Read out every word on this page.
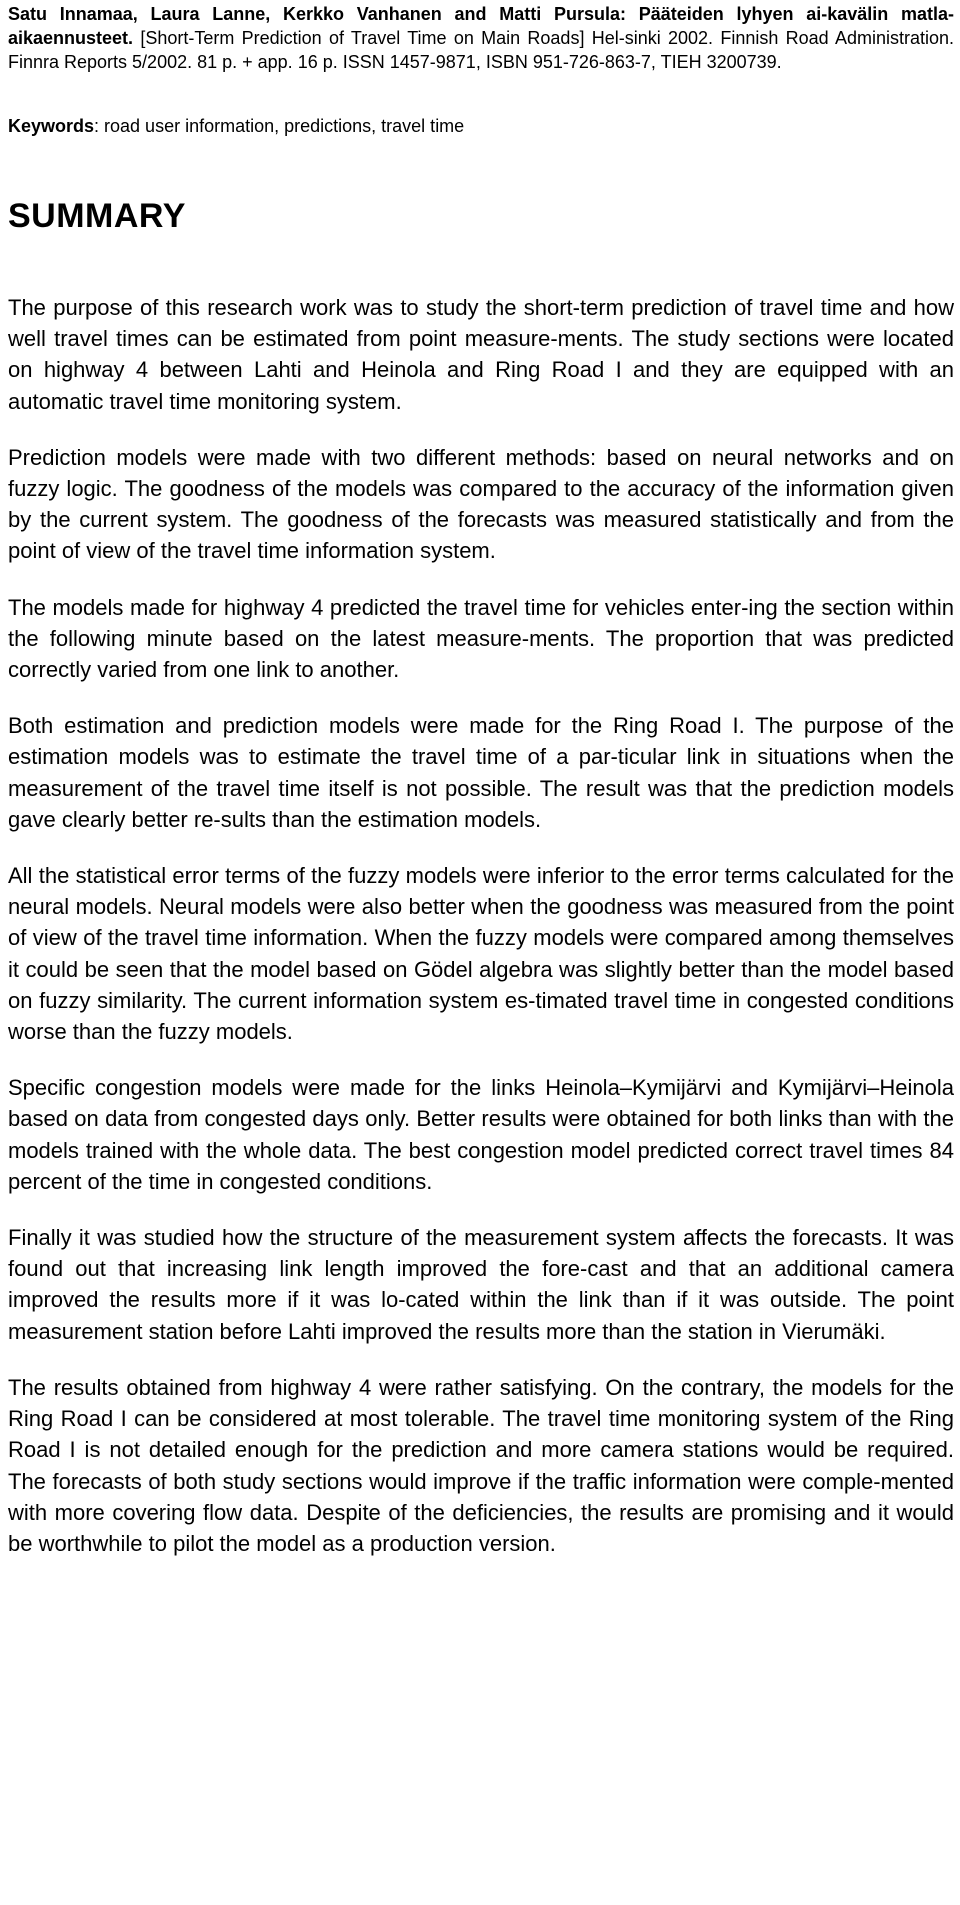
Satu Innamaa, Laura Lanne, Kerkko Vanhanen and Matti Pursula: Pääteiden lyhyen ai-kavälin matla-aikaennusteet. [Short-Term Prediction of Travel Time on Main Roads] Hel-sinki 2002. Finnish Road Administration. Finnra Reports 5/2002. 81 p. + app. 16 p. ISSN 1457-9871, ISBN 951-726-863-7, TIEH 3200739.

Keywords: road user information, predictions, travel time

SUMMARY

The purpose of this research work was to study the short-term prediction of travel time and how well travel times can be estimated from point measure-ments. The study sections were located on highway 4 between Lahti and Heinola and Ring Road I and they are equipped with an automatic travel time monitoring system.

Prediction models were made with two different methods: based on neural networks and on fuzzy logic. The goodness of the models was compared to the accuracy of the information given by the current system. The goodness of the forecasts was measured statistically and from the point of view of the travel time information system.

The models made for highway 4 predicted the travel time for vehicles enter-ing the section within the following minute based on the latest measure-ments. The proportion that was predicted correctly varied from one link to another.

Both estimation and prediction models were made for the Ring Road I. The purpose of the estimation models was to estimate the travel time of a par-ticular link in situations when the measurement of the travel time itself is not possible. The result was that the prediction models gave clearly better re-sults than the estimation models.

All the statistical error terms of the fuzzy models were inferior to the error terms calculated for the neural models. Neural models were also better when the goodness was measured from the point of view of the travel time information. When the fuzzy models were compared among themselves it could be seen that the model based on Gödel algebra was slightly better than the model based on fuzzy similarity. The current information system es-timated travel time in congested conditions worse than the fuzzy models.

Specific congestion models were made for the links Heinola–Kymijärvi and Kymijärvi–Heinola based on data from congested days only. Better results were obtained for both links than with the models trained with the whole data. The best congestion model predicted correct travel times 84 percent of the time in congested conditions.

Finally it was studied how the structure of the measurement system affects the forecasts. It was found out that increasing link length improved the fore-cast and that an additional camera improved the results more if it was lo-cated within the link than if it was outside. The point measurement station before Lahti improved the results more than the station in Vierumäki.

The results obtained from highway 4 were rather satisfying. On the contrary, the models for the Ring Road I can be considered at most tolerable. The travel time monitoring system of the Ring Road I is not detailed enough for the prediction and more camera stations would be required. The forecasts of both study sections would improve if the traffic information were comple-mented with more covering flow data. Despite of the deficiencies, the results are promising and it would be worthwhile to pilot the model as a production version.
